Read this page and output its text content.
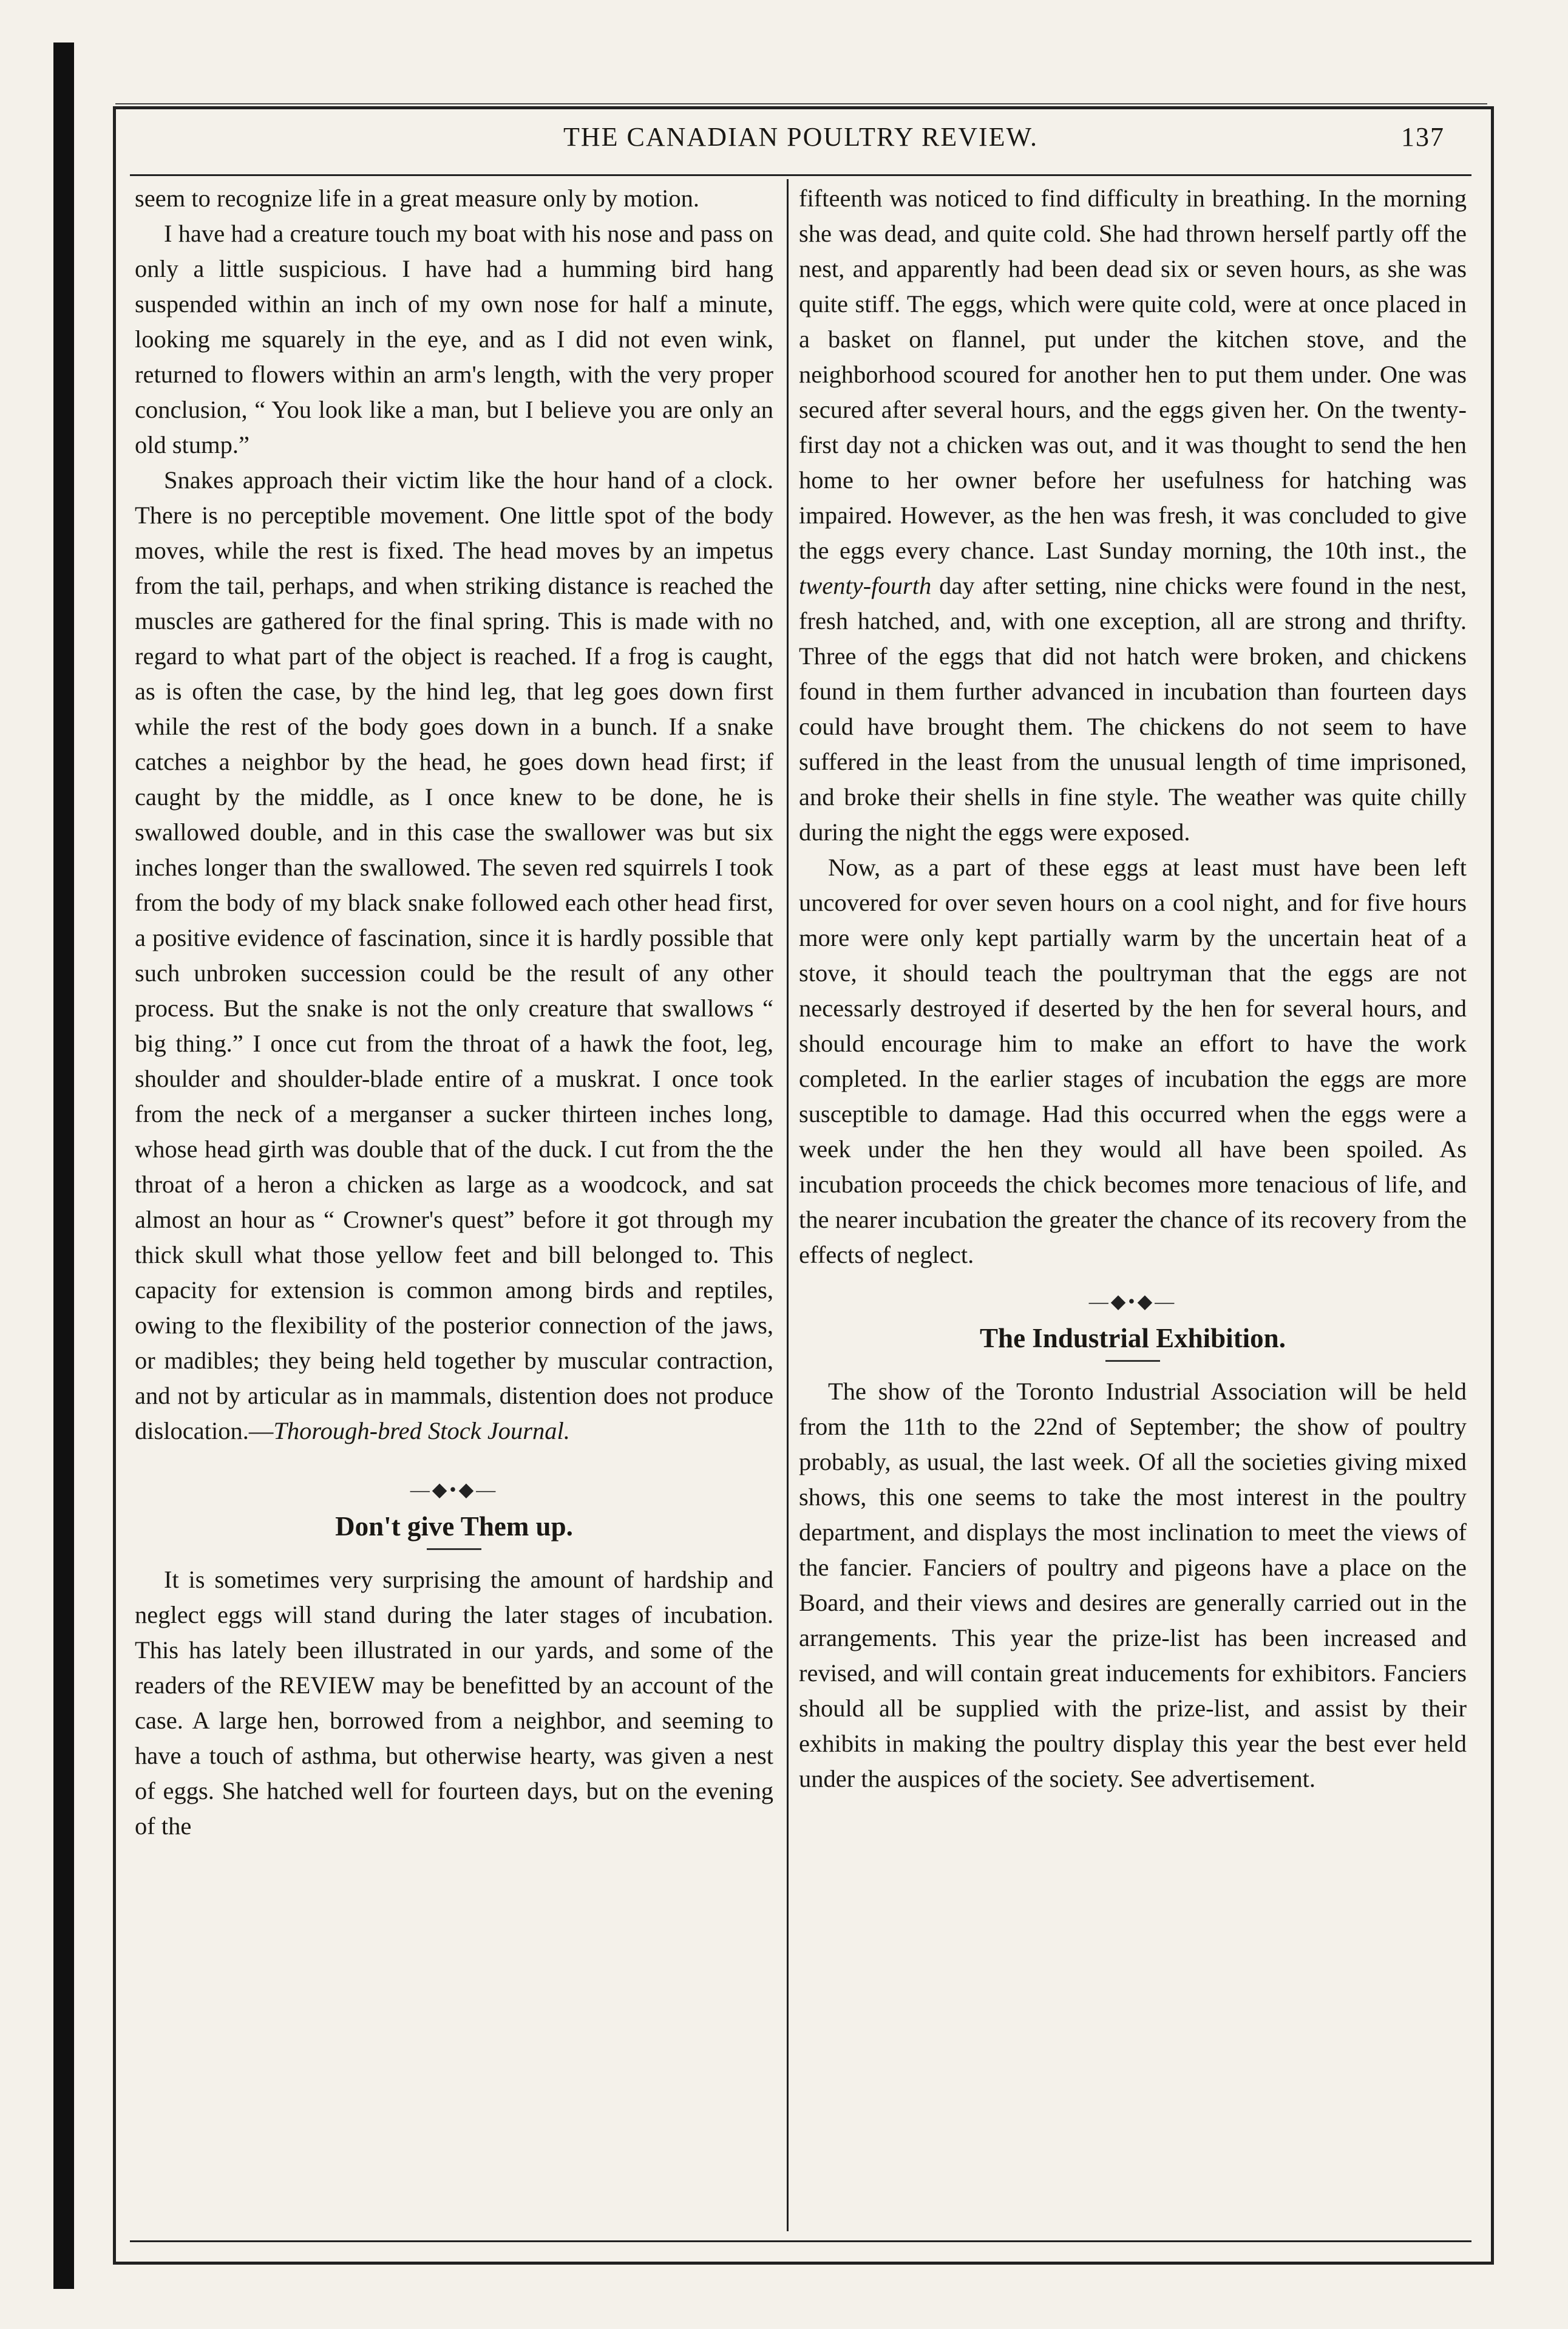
THE CANADIAN POULTRY REVIEW.	137

seem to recognize life in a great measure only by motion.

I have had a creature touch my boat with his nose and pass on only a little suspicious. I have had a humming bird hang suspended within an inch of my own nose for half a minute, looking me squarely in the eye, and as I did not even wink, returned to flowers within an arm's length, with the very proper conclusion, “ You look like a man, but I believe you are only an old stump.”

Snakes approach their victim like the hour hand of a clock. There is no perceptible movement. One little spot of the body moves, while the rest is fixed. The head moves by an impetus from the tail, perhaps, and when striking distance is reached the muscles are gathered for the final spring. This is made with no regard to what part of the object is reached. If a frog is caught, as is often the case, by the hind leg, that leg goes down first while the rest of the body goes down in a bunch. If a snake catches a neighbor by the head, he goes down head first; if caught by the middle, as I once knew to be done, he is swallowed double, and in this case the swallower was but six inches longer than the swallowed. The seven red squirrels I took from the body of my black snake followed each other head first, a positive evidence of fascination, since it is hardly possible that such unbroken succession could be the result of any other process. But the snake is not the only creature that swallows “ big thing.” I once cut from the throat of a hawk the foot, leg, shoulder and shoulder-blade entire of a muskrat. I once took from the neck of a merganser a sucker thirteen inches long, whose head girth was double that of the duck. I cut from the the throat of a heron a chicken as large as a woodcock, and sat almost an hour as “ Crowner's quest” before it got through my thick skull what those yellow feet and bill belonged to. This capacity for extension is common among birds and reptiles, owing to the flexibility of the posterior connection of the jaws, or madibles; they being held together by muscular contraction, and not by articular as in mammals, distention does not produce dislocation.—Thorough-bred Stock Journal.

—◆•◆—
Don't give Them up.

It is sometimes very surprising the amount of hardship and neglect eggs will stand during the later stages of incubation. This has lately been illustrated in our yards, and some of the readers of the REVIEW may be benefitted by an account of the case. A large hen, borrowed from a neighbor, and seeming to have a touch of asthma, but otherwise hearty, was given a nest of eggs. She hatched well for fourteen days, but on the evening of the

fifteenth was noticed to find difficulty in breathing. In the morning she was dead, and quite cold. She had thrown herself partly off the nest, and apparently had been dead six or seven hours, as she was quite stiff. The eggs, which were quite cold, were at once placed in a basket on flannel, put under the kitchen stove, and the neighborhood scoured for another hen to put them under. One was secured after several hours, and the eggs given her. On the twenty-first day not a chicken was out, and it was thought to send the hen home to her owner before her usefulness for hatching was impaired. However, as the hen was fresh, it was concluded to give the eggs every chance. Last Sunday morning, the 10th inst., the twenty-fourth day after setting, nine chicks were found in the nest, fresh hatched, and, with one exception, all are strong and thrifty. Three of the eggs that did not hatch were broken, and chickens found in them further advanced in incubation than fourteen days could have brought them. The chickens do not seem to have suffered in the least from the unusual length of time imprisoned, and broke their shells in fine style. The weather was quite chilly during the night the eggs were exposed.

Now, as a part of these eggs at least must have been left uncovered for over seven hours on a cool night, and for five hours more were only kept partially warm by the uncertain heat of a stove, it should teach the poultryman that the eggs are not necessarly destroyed if deserted by the hen for several hours, and should encourage him to make an effort to have the work completed. In the earlier stages of incubation the eggs are more susceptible to damage. Had this occurred when the eggs were a week under the hen they would all have been spoiled. As incubation proceeds the chick becomes more tenacious of life, and the nearer incubation the greater the chance of its recovery from the effects of neglect.

—◆•◆—
The Industrial Exhibition.

The show of the Toronto Industrial Association will be held from the 11th to the 22nd of September; the show of poultry probably, as usual, the last week. Of all the societies giving mixed shows, this one seems to take the most interest in the poultry department, and displays the most inclination to meet the views of the fancier. Fanciers of poultry and pigeons have a place on the Board, and their views and desires are generally carried out in the arrangements. This year the prize-list has been increased and revised, and will contain great inducements for exhibitors. Fanciers should all be supplied with the prize-list, and assist by their exhibits in making the poultry display this year the best ever held under the auspices of the society. See advertisement.
